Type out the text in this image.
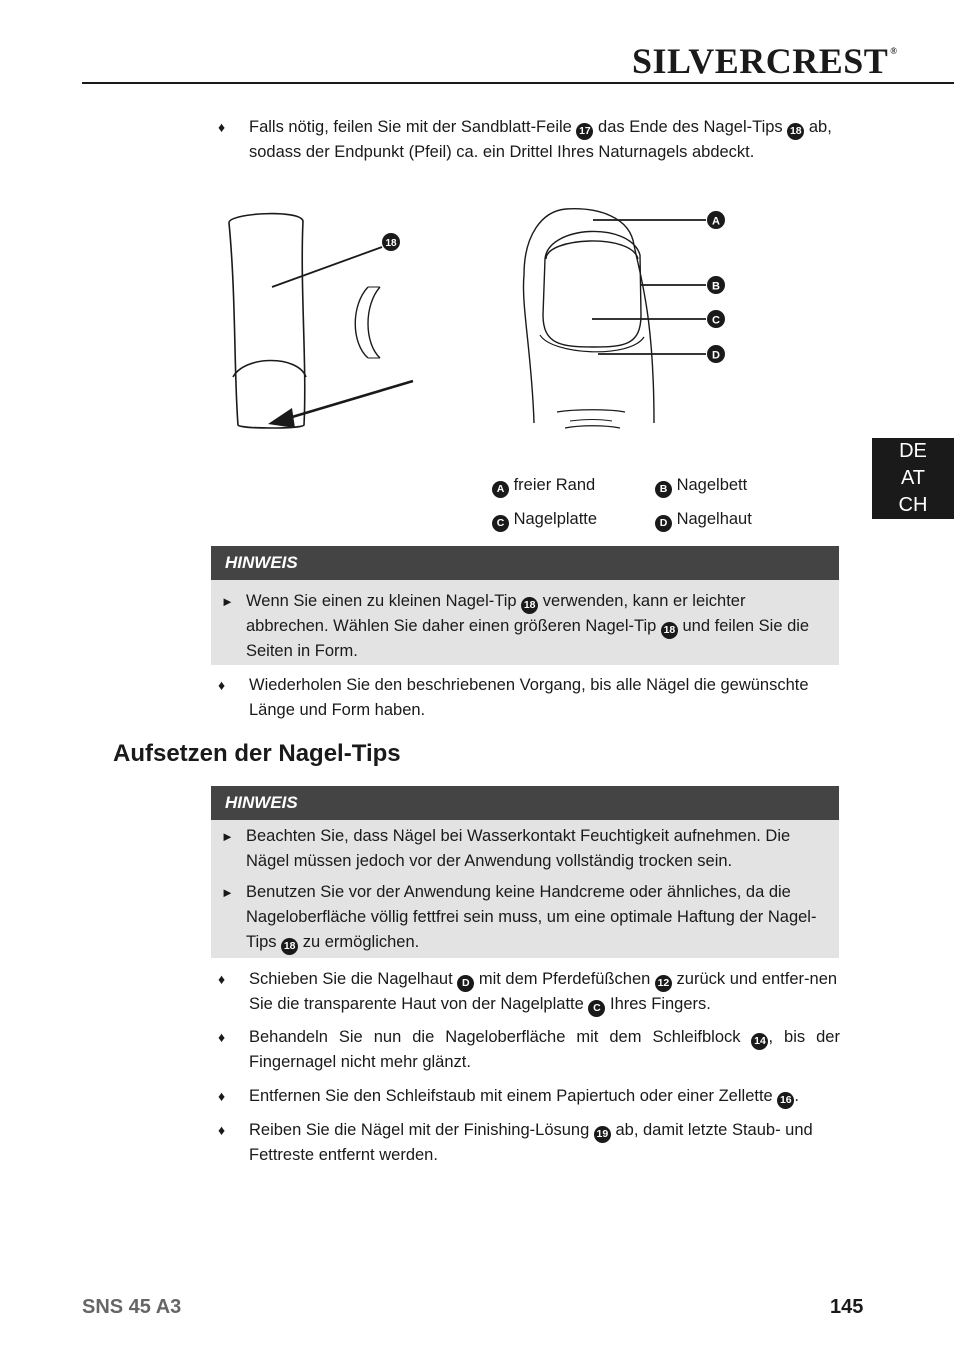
SILVERCREST ®
DE
AT
CH
♦ Falls nötig, feilen Sie mit der Sandblatt-Feile 17 das Ende des Nagel-Tips 18 ab, sodass der Endpunkt (Pfeil) ca. ein Drittel Ihres Naturnagels abdeckt.
18
A
B
C
D
A freier Rand	B Nagelbett
C Nagelplatte	D Nagelhaut
HINWEIS
► Wenn Sie einen zu kleinen Nagel-Tip 18 verwenden, kann er leichter abbrechen. Wählen Sie daher einen größeren Nagel-Tip 18 und feilen Sie die Seiten in Form.
♦ Wiederholen Sie den beschriebenen Vorgang, bis alle Nägel die gewünschte Länge und Form haben.
Aufsetzen der Nagel-Tips
HINWEIS
► Beachten Sie, dass Nägel bei Wasserkontakt Feuchtigkeit aufnehmen. Die Nägel müssen jedoch vor der Anwendung vollständig trocken sein.
► Benutzen Sie vor der Anwendung keine Handcreme oder ähnliches, da die Nageloberfläche völlig fettfrei sein muss, um eine optimale Haftung der Nagel-Tips 18 zu ermöglichen.
♦ Schieben Sie die Nagelhaut D mit dem Pferdefüßchen 12 zurück und entfer-nen Sie die transparente Haut von der Nagelplatte C Ihres Fingers.
♦ Behandeln Sie nun die Nageloberfläche mit dem Schleifblock 14 , bis der Fingernagel nicht mehr glänzt.
♦ Entfernen Sie den Schleifstaub mit einem Papiertuch oder einer Zellette 16 .
♦ Reiben Sie die Nägel mit der Finishing-Lösung 19 ab, damit letzte Staub- und Fettreste entfernt werden.
SNS 45 A3	145
